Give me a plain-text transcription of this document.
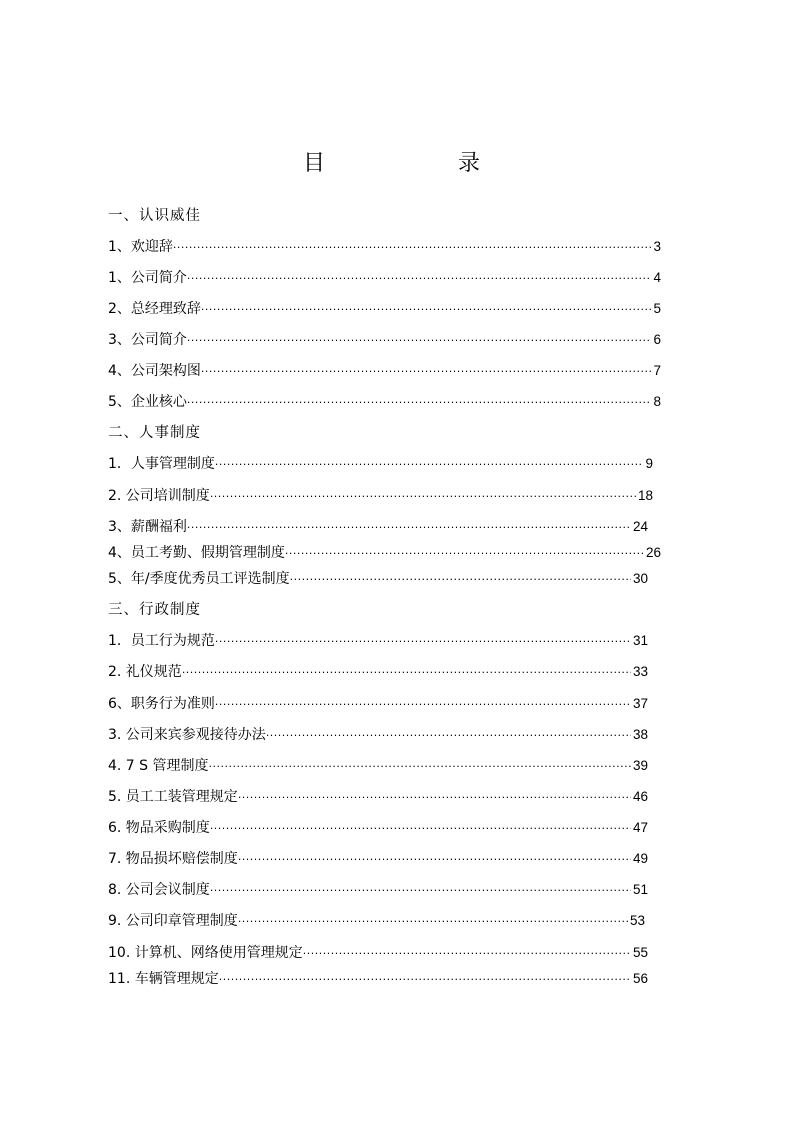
目	录
一、认识威佳
1、欢迎辞 ·····	3
1、公司简介 ·····	4
2、总经理致辞 ·····	5
3、公司简介 ·····	6
4、公司架构图 ·····	7
5、企业核心 ·····	8
二、人事制度
1．人事管理制度 ·····	9
2. 公司培训制度 ·····	18
3、薪酬福利 ·····	24
4、员工考勤、假期管理制度 ·····	26
5、年/季度优秀员工评选制度 ·····	30
三、行政制度
1．员工行为规范 ·····	31
2. 礼仪规范 ·····	33
6、职务行为准则 ·····	37
3. 公司来宾参观接待办法 ·····	38
4. 7 S 管理制度 ·····	39
5. 员工工装管理规定 ·····	46
6. 物品采购制度 ·····	47
7. 物品损坏赔偿制度 ·····	49
8. 公司会议制度 ·····	51
9. 公司印章管理制度 ·····	53
10. 计算机、网络使用管理规定 ·····	55
11. 车辆管理规定 ·····	56
